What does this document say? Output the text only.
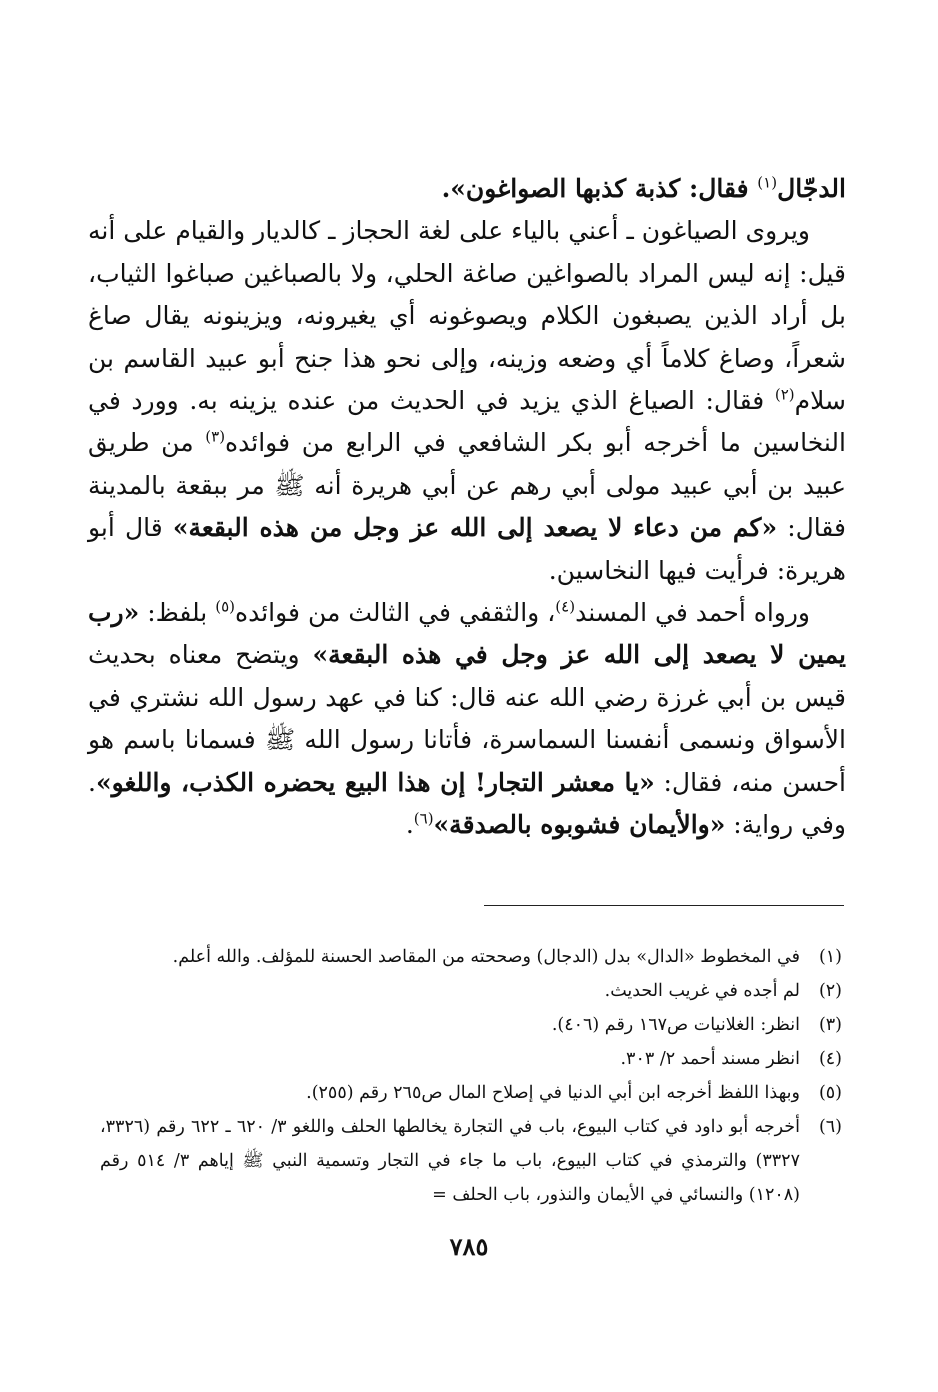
الدجّال$^{(١)}$ فقال: كذبة كذبها الصواغون».

ويروى الصياغون ـ أعني بالياء على لغة الحجاز ـ كالديار والقيام على أنه قيل: إنه ليس المراد بالصواغين صاغة الحلي، ولا بالصباغين صباغوا الثياب، بل أراد الذين يصبغون الكلام ويصوغونه أي يغيرونه، ويزينونه يقال صاغ شعراً، وصاغ كلاماً أي وضعه وزينه، وإلى نحو هذا جنح أبو عبيد القاسم بن سلام$^{(٢)}$ فقال: الصياغ الذي يزيد في الحديث من عنده يزينه به. وورد في النخاسين ما أخرجه أبو بكر الشافعي في الرابع من فوائده$^{(٣)}$ من طريق عبيد بن أبي عبيد مولى أبي رهم عن أبي هريرة أنه ﷺ مر ببقعة بالمدينة فقال: «كم من دعاء لا يصعد إلى الله عز وجل من هذه البقعة» قال أبو هريرة: فرأيت فيها النخاسين.

ورواه أحمد في المسند$^{(٤)}$، والثقفي في الثالث من فوائده$^{(٥)}$ بلفظ: «رب يمين لا يصعد إلى الله عز وجل في هذه البقعة» ويتضح معناه بحديث قيس بن أبي غرزة رضي الله عنه قال: كنا في عهد رسول الله نشتري في الأسواق ونسمى أنفسنا السماسرة، فأتانا رسول الله ﷺ فسمانا باسم هو أحسن منه، فقال: «يا معشر التجار! إن هذا البيع يحضره الكذب، واللغو». وفي رواية: «والأيمان فشوبوه بالصدقة»$^{(٦)}$.

(١)
في المخطوط «الدال» بدل (الدجال) وصححته من المقاصد الحسنة للمؤلف. والله أعلم.
(٢)
لم أجده في غريب الحديث.
(٣)
انظر: الغلانيات ص١٦٧ رقم (٤٠٦).
(٤)
انظر مسند أحمد ٢/ ٣٠٣.
(٥)
وبهذا اللفظ أخرجه ابن أبي الدنيا في إصلاح المال ص٢٦٥ رقم (٢٥٥).
(٦)
أخرجه أبو داود في كتاب البيوع، باب في التجارة يخالطها الحلف واللغو ٣/ ٦٢٠ ـ ٦٢٢ رقم (٣٣٢٦، ٣٣٢٧) والترمذي في كتاب البيوع، باب ما جاء في التجار وتسمية النبي ﷺ إياهم ٣/ ٥١٤ رقم (١٢٠٨) والنسائي في الأيمان والنذور، باب الحلف =
٧٨٥
